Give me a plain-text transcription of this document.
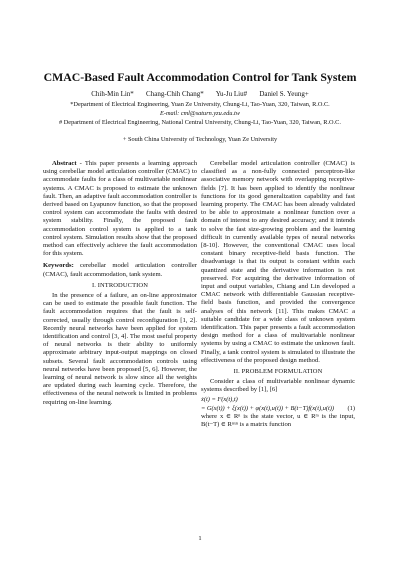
CMAC-Based Fault Accommodation Control for Tank System
Chih-Min Lin*       Chang-Chih Chang*       Yu-Ju Liu#       Daniel S. Yeung+
*Department of Electrical Engineering, Yuan Ze University, Chung-Li, Tao-Yuan, 320, Taiwan, R.O.C.
E-mail: cml@saturn.yzu.edu.tw
# Department of Electrical Engineering, National Central University, Chung-Li, Tao-Yuan, 320, Taiwan, R.O.C.
+ South China University of Technology, Yuan Ze University

Abstract - This paper presents a learning approach using cerebellar model articulation controller (CMAC) to accommodate faults for a class of multivariable nonlinear systems. A CMAC is proposed to estimate the unknown fault. Then, an adaptive fault accommodation controller is derived based on Lyapunov function, so that the proposed control system can accommodate the faults with desired system stability. Finally, the proposed fault accommodation control system is applied to a tank control system. Simulation results show that the proposed method can effectively achieve the fault accommodation for this system.

Keywords: cerebellar model articulation controller (CMAC), fault accommodation, tank system.

I. INTRODUCTION

In the presence of a failure, an on-line approximator can be used to estimate the possible fault function. The fault accommodation requires that the fault is self-corrected, usually through control reconfiguration [1, 2]. Recently neural networks have been applied for system identification and control [3, 4]. The most useful property of neural networks is their ability to uniformly approximate arbitrary input-output mappings on closed subsets. Several fault accommodation controls using neural networks have been proposed [5, 6]. However, the learning of neural network is slow since all the weights are updated during each learning cycle. Therefore, the effectiveness of the neural network is limited in problems requiring on-line learning.

Cerebellar model articulation controller (CMAC) is classified as a non-fully connected perceptron-like associative memory network with overlapping receptive-fields [7]. It has been applied to identify the nonlinear functions for its good generalization capability and fast learning property. The CMAC has been already validated to be able to approximate a nonlinear function over a domain of interest to any desired accuracy; and it intends to solve the fast size-growing problem and the learning difficult in currently available types of neural networks [8-10]. However, the conventional CMAC uses local constant binary receptive-field basis function. The disadvantage is that its output is constant within each quantized state and the derivative information is not preserved. For acquiring the derivative information of input and output variables, Chiang and Lin developed a CMAC network with differentiable Gaussian receptive-field basis function, and provided the convergence analyses of this network [11]. This makes CMAC a suitable candidate for a wide class of unknown system identification. This paper presents a fault accommodation design method for a class of multivariable nonlinear systems by using a CMAC to estimate the unknown fault. Finally, a tank control system is simulated to illustrate the effectiveness of the proposed design method.

II. PROBLEM FORMULATION

Consider a class of multivariable nonlinear dynamic systems described by [1], [6]

ẋ(t) = F(x(t),t)
= G(x(t)) + ξ(x(t)) + φ(x(t),u(t)) + B(t−T)f(x(t),u(t)) (1)

where x ∈ Rⁿ is the state vector, u ∈ Rᵐ is the input, B(t−T) ∈ Rⁿˣⁿ is a matrix function

1
